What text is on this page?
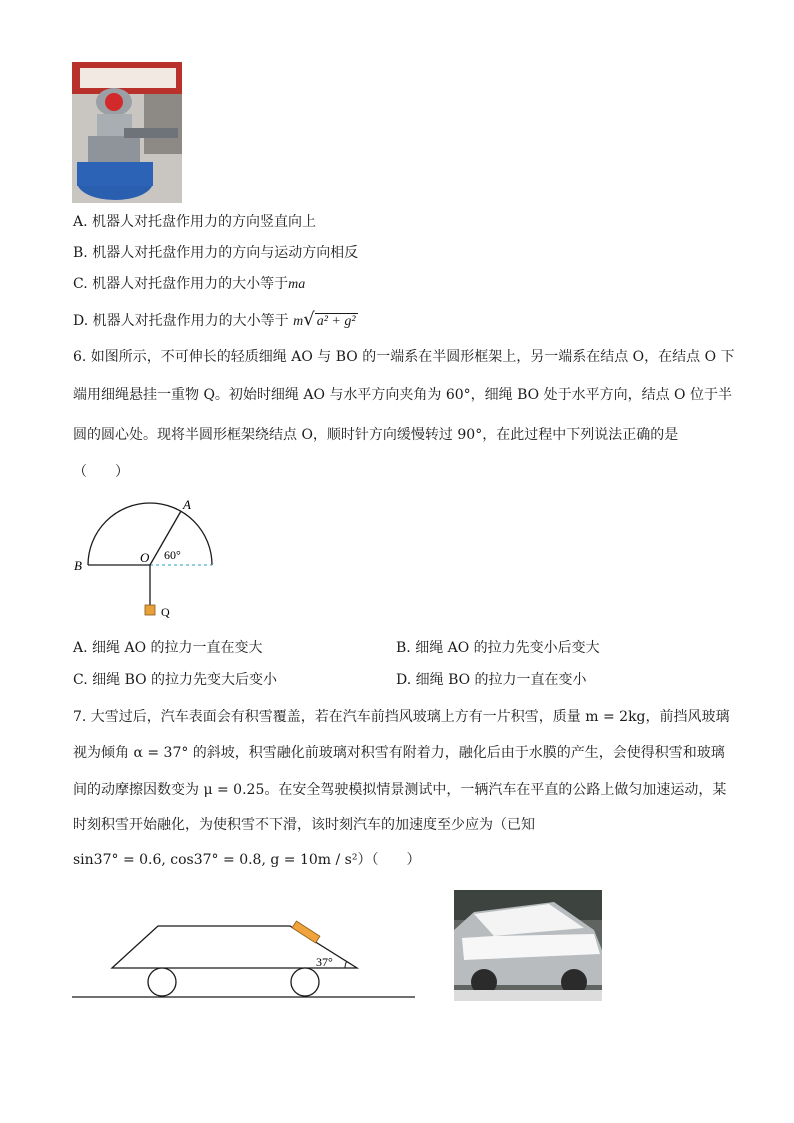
A. 机器人对托盘作用力的方向竖直向上
B. 机器人对托盘作用力的方向与运动方向相反
C. 机器人对托盘作用力的大小等于ma
D. 机器人对托盘作用力的大小等于 m√ a² + g²
6. 如图所示，不可伸长的轻质细绳 AO 与 BO 的一端系在半圆形框架上，另一端系在结点 O，在结点 O 下
端用细绳悬挂一重物 Q。初始时细绳 AO 与水平方向夹角为 60°，细绳 BO 处于水平方向，结点 O 位于半
圆的圆心处。现将半圆形框架绕结点 O，顺时针方向缓慢转过 90°，在此过程中下列说法正确的是
（　　）
A
B
O 60°
Q
A. 细绳 AO 的拉力一直在变大	B. 细绳 AO 的拉力先变小后变大
C. 细绳 BO 的拉力先变大后变小	D. 细绳 BO 的拉力一直在变小
7. 大雪过后，汽车表面会有积雪覆盖，若在汽车前挡风玻璃上方有一片积雪，质量 m = 2kg，前挡风玻璃
视为倾角 α = 37° 的斜坡，积雪融化前玻璃对积雪有附着力，融化后由于水膜的产生，会使得积雪和玻璃
间的动摩擦因数变为 μ = 0.25。在安全驾驶模拟情景测试中，一辆汽车在平直的公路上做匀加速运动，某
时刻积雪开始融化，为使积雪不下滑，该时刻汽车的加速度至少应为（已知
sin37° = 0.6, cos37° = 0.8, g = 10m / s²）（　　）
37°
